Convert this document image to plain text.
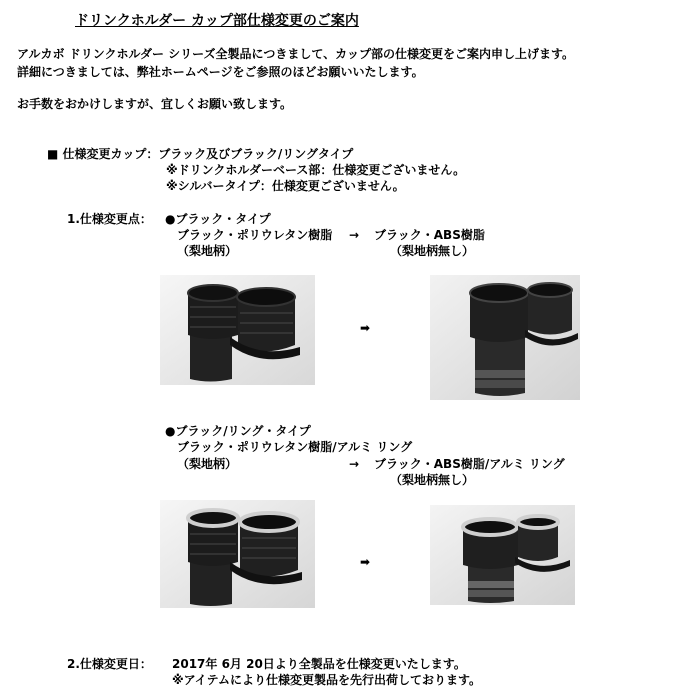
ドリンクホルダー カップ部仕様変更のご案内
アルカボ ドリンクホルダー シリーズ全製品につきまして、カップ部の仕様変更をご案内申し上げます。
詳細につきましては、弊社ホームページをご参照のほどお願いいたします。
お手数をおかけしますが、宜しくお願い致します。
■ 仕様変更カップ：ブラック及びブラック/リングタイプ
※ドリンクホルダーベース部：仕様変更ございません。
※シルバータイプ：仕様変更ございません。
1.仕様変更点： ●ブラック・タイプ
ブラック・ポリウレタン樹脂 → ブラック・ABS樹脂
（梨地柄）	（梨地柄無し）
➡
●ブラック/リング・タイプ
ブラック・ポリウレタン樹脂/アルミ リング
（梨地柄）	→ ブラック・ABS樹脂/アルミ リング
（梨地柄無し）
➡
2.仕様変更日： 2017年 6月 20日より全製品を仕様変更いたします。
※アイテムにより仕様変更製品を先行出荷しております。
